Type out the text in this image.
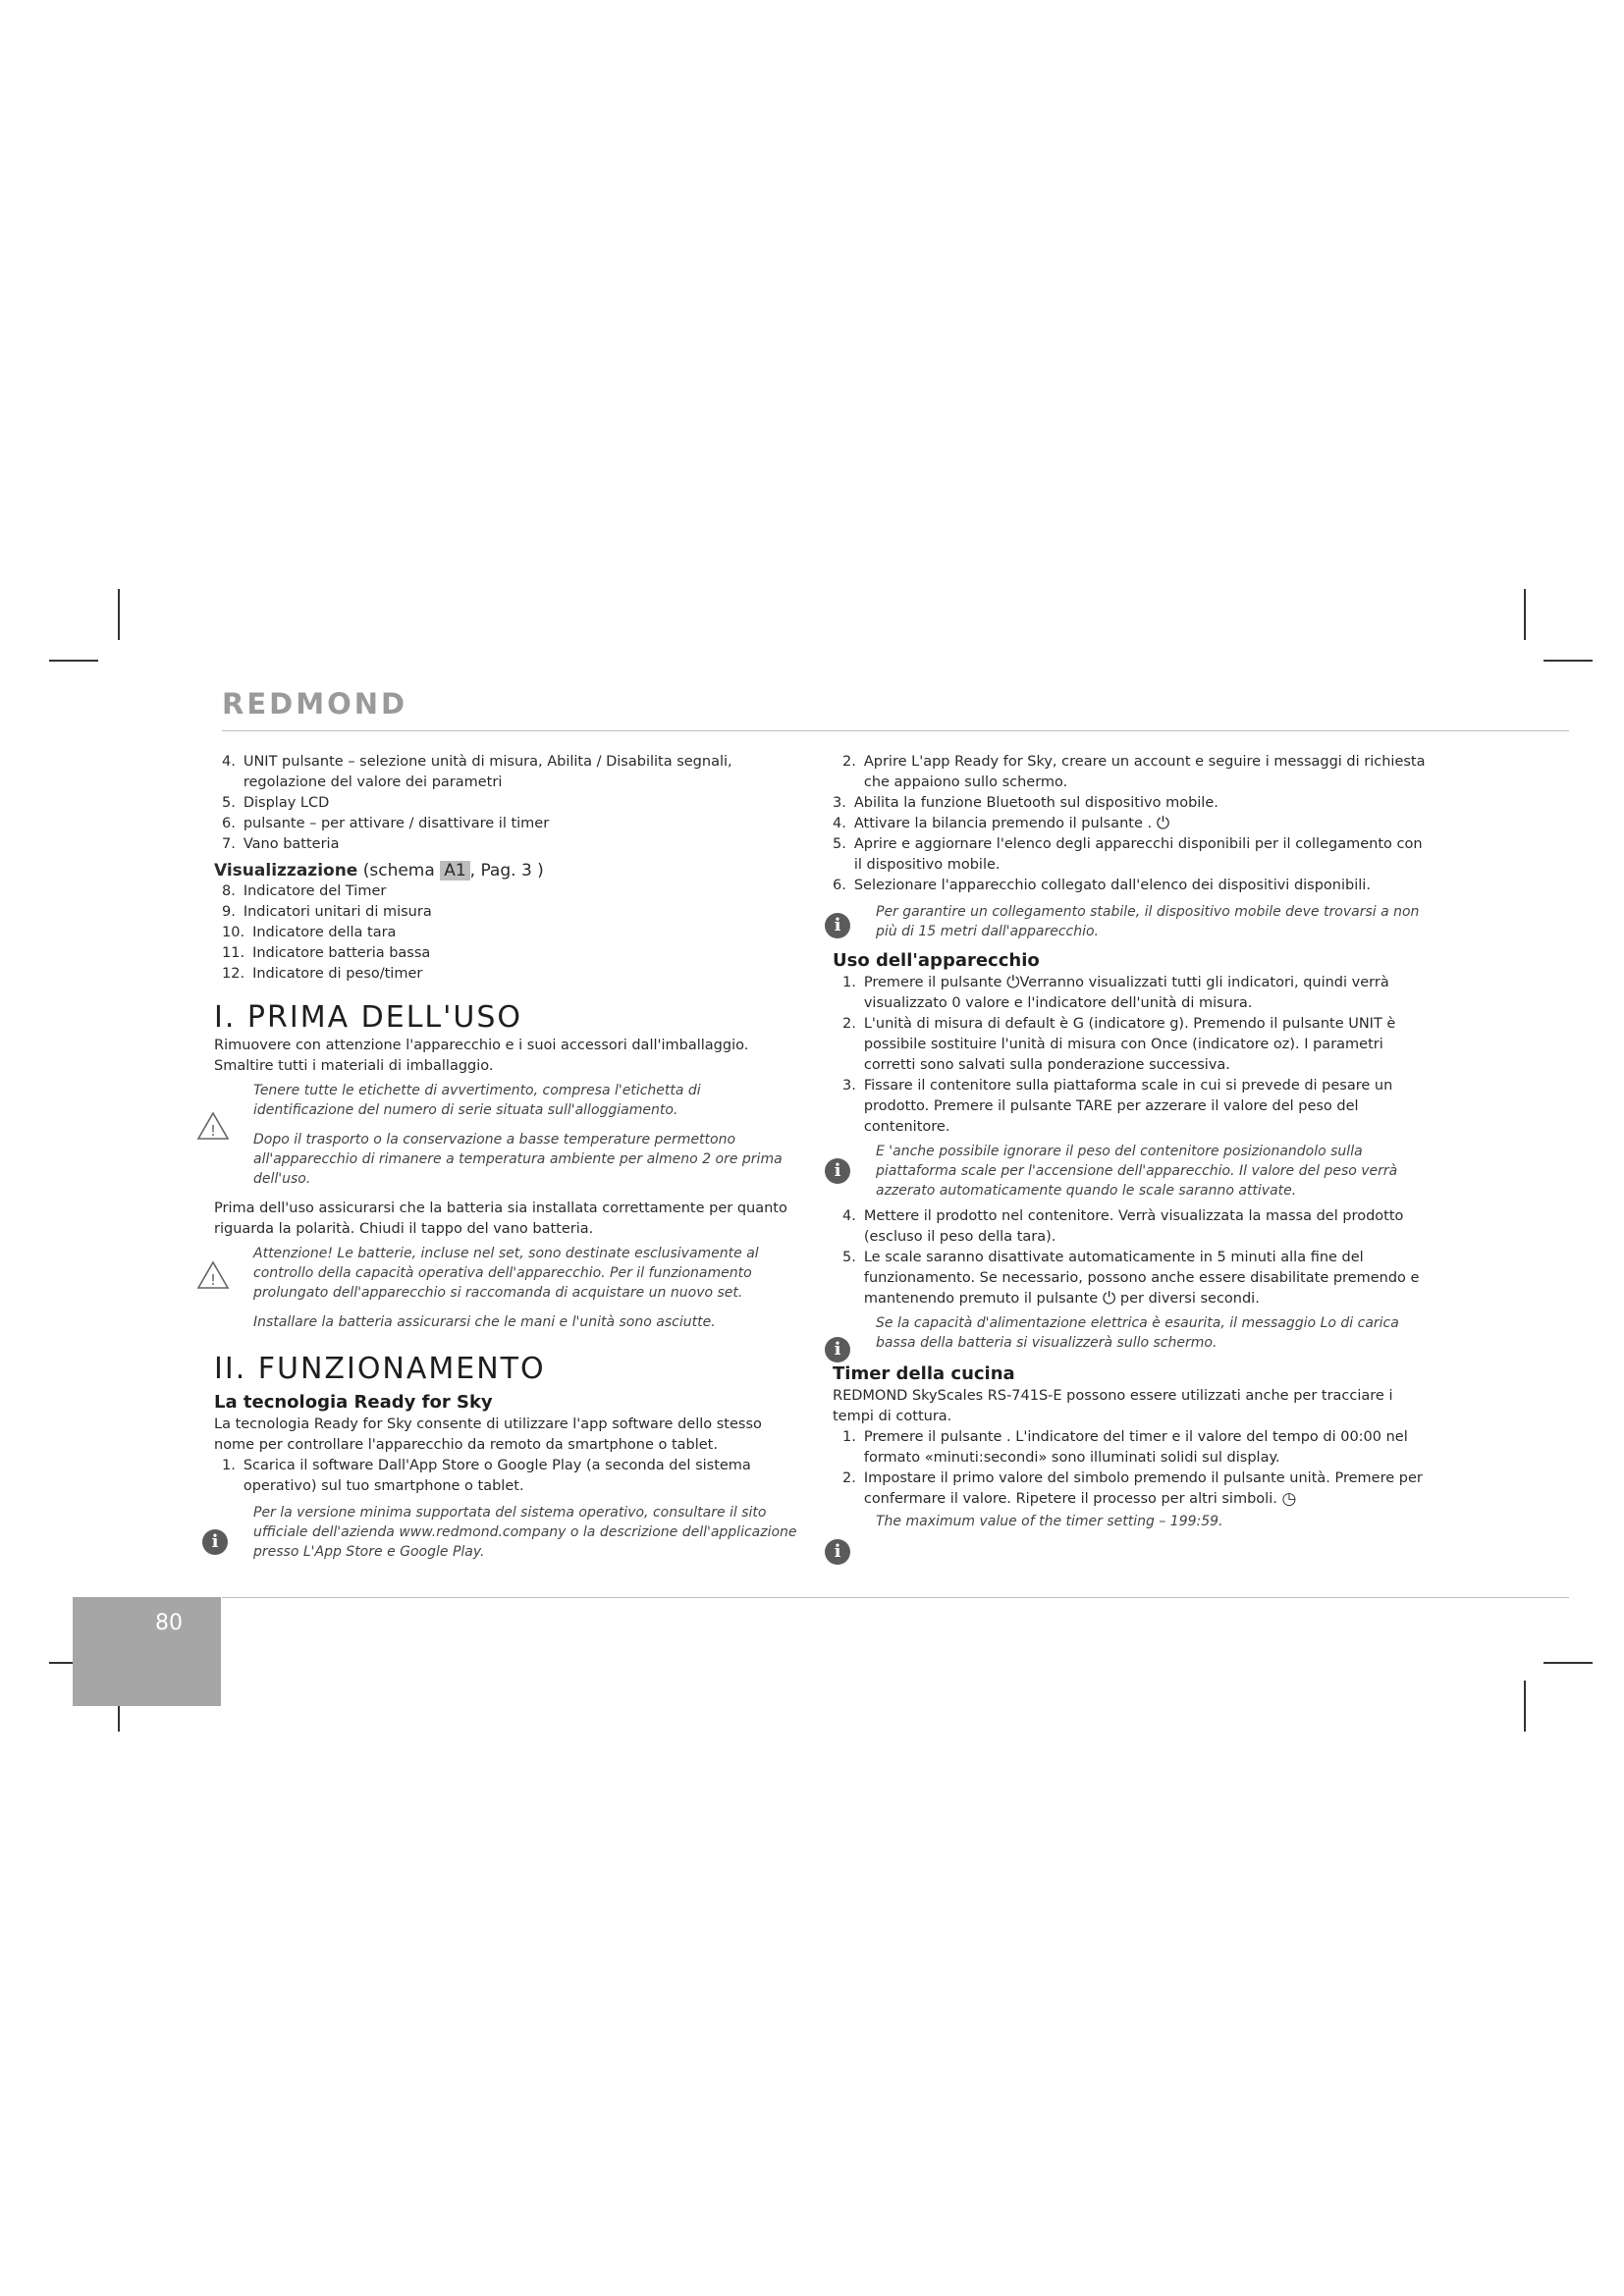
REDMOND
80
4. UNIT pulsante – selezione unità di misura, Abilita / Disabilita segnali, regolazione del valore dei parametri
5. Display LCD
6. pulsante – per attivare / disattivare il timer
7. Vano batteria

Visualizzazione (schema A1 , Pag. 3 )

8. Indicatore del Timer
9. Indicatori unitari di misura
10. Indicatore della tara
11. Indicatore batteria bassa
12. Indicatore di peso/timer

I. PRIMA DELL'USO

Rimuovere con attenzione l'apparecchio e i suoi accessori dall'imballaggio. Smaltire tutti i materiali di imballaggio.

Tenere tutte le etichette di avvertimento, compresa l'etichetta di identificazione del numero di serie situata sull'alloggiamento.

Dopo il trasporto o la conservazione a basse temperature permettono all'apparecchio di rimanere a temperatura ambiente per almeno 2 ore prima dell'uso.

Prima dell'uso assicurarsi che la batteria sia installata correttamente per quanto riguarda la polarità. Chiudi il tappo del vano batteria.

Attenzione! Le batterie, incluse nel set, sono destinate esclusivamente al controllo della capacità operativa dell'apparecchio. Per il funzionamento prolungato dell'apparecchio si raccomanda di acquistare un nuovo set.

Installare la batteria assicurarsi che le mani e l'unità sono asciutte.

II. FUNZIONAMENTO

La tecnologia Ready for Sky

La tecnologia Ready for Sky consente di utilizzare l'app software dello stesso nome per controllare l'apparecchio da remoto da smartphone o tablet.

1. Scarica il software Dall'App Store o Google Play (a seconda del sistema operativo) sul tuo smartphone o tablet.

Per la versione minima supportata del sistema operativo, consultare il sito ufficiale dell'azienda www.redmond.company o la descrizione dell'applicazione presso L'App Store e Google Play.

!
!
i
2. Aprire L'app Ready for Sky, creare un account e seguire i messaggi di richiesta che appaiono sullo schermo.
3. Abilita la funzione Bluetooth sul dispositivo mobile.
4. Attivare la bilancia premendo il pulsante . ⏻
5. Aprire e aggiornare l'elenco degli apparecchi disponibili per il collegamento con il dispositivo mobile.
6. Selezionare l'apparecchio collegato dall'elenco dei dispositivi disponibili.

Per garantire un collegamento stabile, il dispositivo mobile deve trovarsi a non più di 15 metri dall'apparecchio.

Uso dell'apparecchio

1. Premere il pulsante ⏻Verranno visualizzati tutti gli indicatori, quindi verrà visualizzato 0 valore e l'indicatore dell'unità di misura.
2. L'unità di misura di default è G (indicatore g). Premendo il pulsante UNIT è possibile sostituire l'unità di misura con Once (indicatore oz). I parametri corretti sono salvati sulla ponderazione successiva.
3. Fissare il contenitore sulla piattaforma scale in cui si prevede di pesare un prodotto. Premere il pulsante TARE per azzerare il valore del peso del contenitore.

E 'anche possibile ignorare il peso del contenitore posizionandolo sulla piattaforma scale per l'accensione dell'apparecchio. Il valore del peso verrà azzerato automaticamente quando le scale saranno attivate.

4. Mettere il prodotto nel contenitore. Verrà visualizzata la massa del prodotto (escluso il peso della tara).
5. Le scale saranno disattivate automaticamente in 5 minuti alla fine del funzionamento. Se necessario, possono anche essere disabilitate premendo e mantenendo premuto il pulsante ⏻ per diversi secondi.

Se la capacità d'alimentazione elettrica è esaurita, il messaggio Lo di carica bassa della batteria si visualizzerà sullo schermo.

Timer della cucina

REDMOND SkyScales RS-741S-E possono essere utilizzati anche per tracciare i tempi di cottura.

1. Premere il pulsante . L'indicatore del timer e il valore del tempo di 00:00 nel formato «minuti:secondi» sono illuminati solidi sul display.
2. Impostare il primo valore del simbolo premendo il pulsante unità. Premere per confermare il valore. Ripetere il processo per altri simboli. ◷

The maximum value of the timer setting – 199:59.

i
i
i
i
